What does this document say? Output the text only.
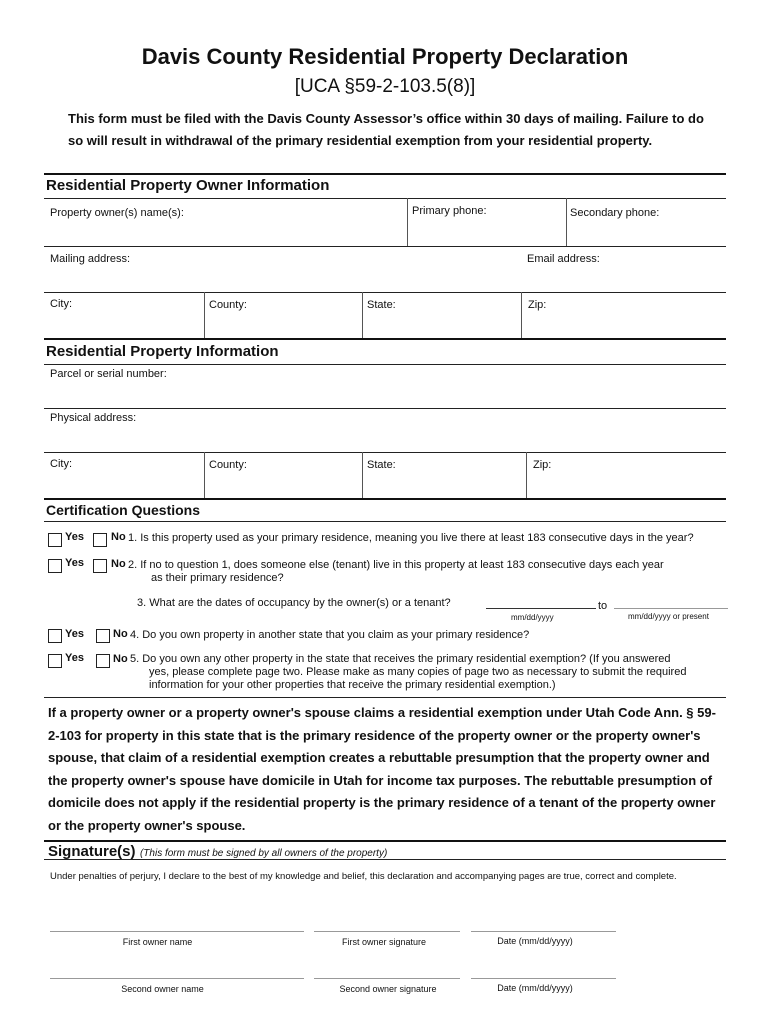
Davis County Residential Property Declaration
[UCA §59-2-103.5(8)]
This form must be filed with the Davis County Assessor’s office within 30 days of mailing. Failure to do so will result in withdrawal of the primary residential exemption from your residential property.
Residential Property Owner Information
Property owner(s) name(s):	Primary phone:	Secondary phone:
Mailing address:	Email address:
City:	County:	State:	Zip:
Residential Property Information
Parcel or serial number:
Physical address:
City:	County:	State:	Zip:
Certification Questions
Yes No 1. Is this property used as your primary residence, meaning you live there at least 183 consecutive days in the year?
Yes No 2. If no to question 1, does someone else (tenant) live in this property at least 183 consecutive days each year
as their primary residence?
3. What are the dates of occupancy by the owner(s) or a tenant?	to
mm/dd/yyyy	mm/dd/yyyy or present
Yes	No 4. Do you own property in another state that you claim as your primary residence?
Yes	No 5. Do you own any other property in the state that receives the primary residential exemption? (If you answered
yes, please complete page two. Please make as many copies of page two as necessary to submit the required
information for your other properties that receive the primary residential exemption.)
If a property owner or a property owner's spouse claims a residential exemption under Utah Code Ann. § 59-2-103 for property in this state that is the primary residence of the property owner or the property owner's spouse, that claim of a residential exemption creates a rebuttable presumption that the property owner and the property owner's spouse have domicile in Utah for income tax purposes. The rebuttable presumption of domicile does not apply if the residential property is the primary residence of a tenant of the property owner or the property owner's spouse.
Signature(s) (This form must be signed by all owners of the property)
Under penalties of perjury, I declare to the best of my knowledge and belief, this declaration and accompanying pages are true, correct and complete.
First owner name	First owner signature	Date (mm/dd/yyyy)
Second owner name	Second owner signature	Date (mm/dd/yyyy)
